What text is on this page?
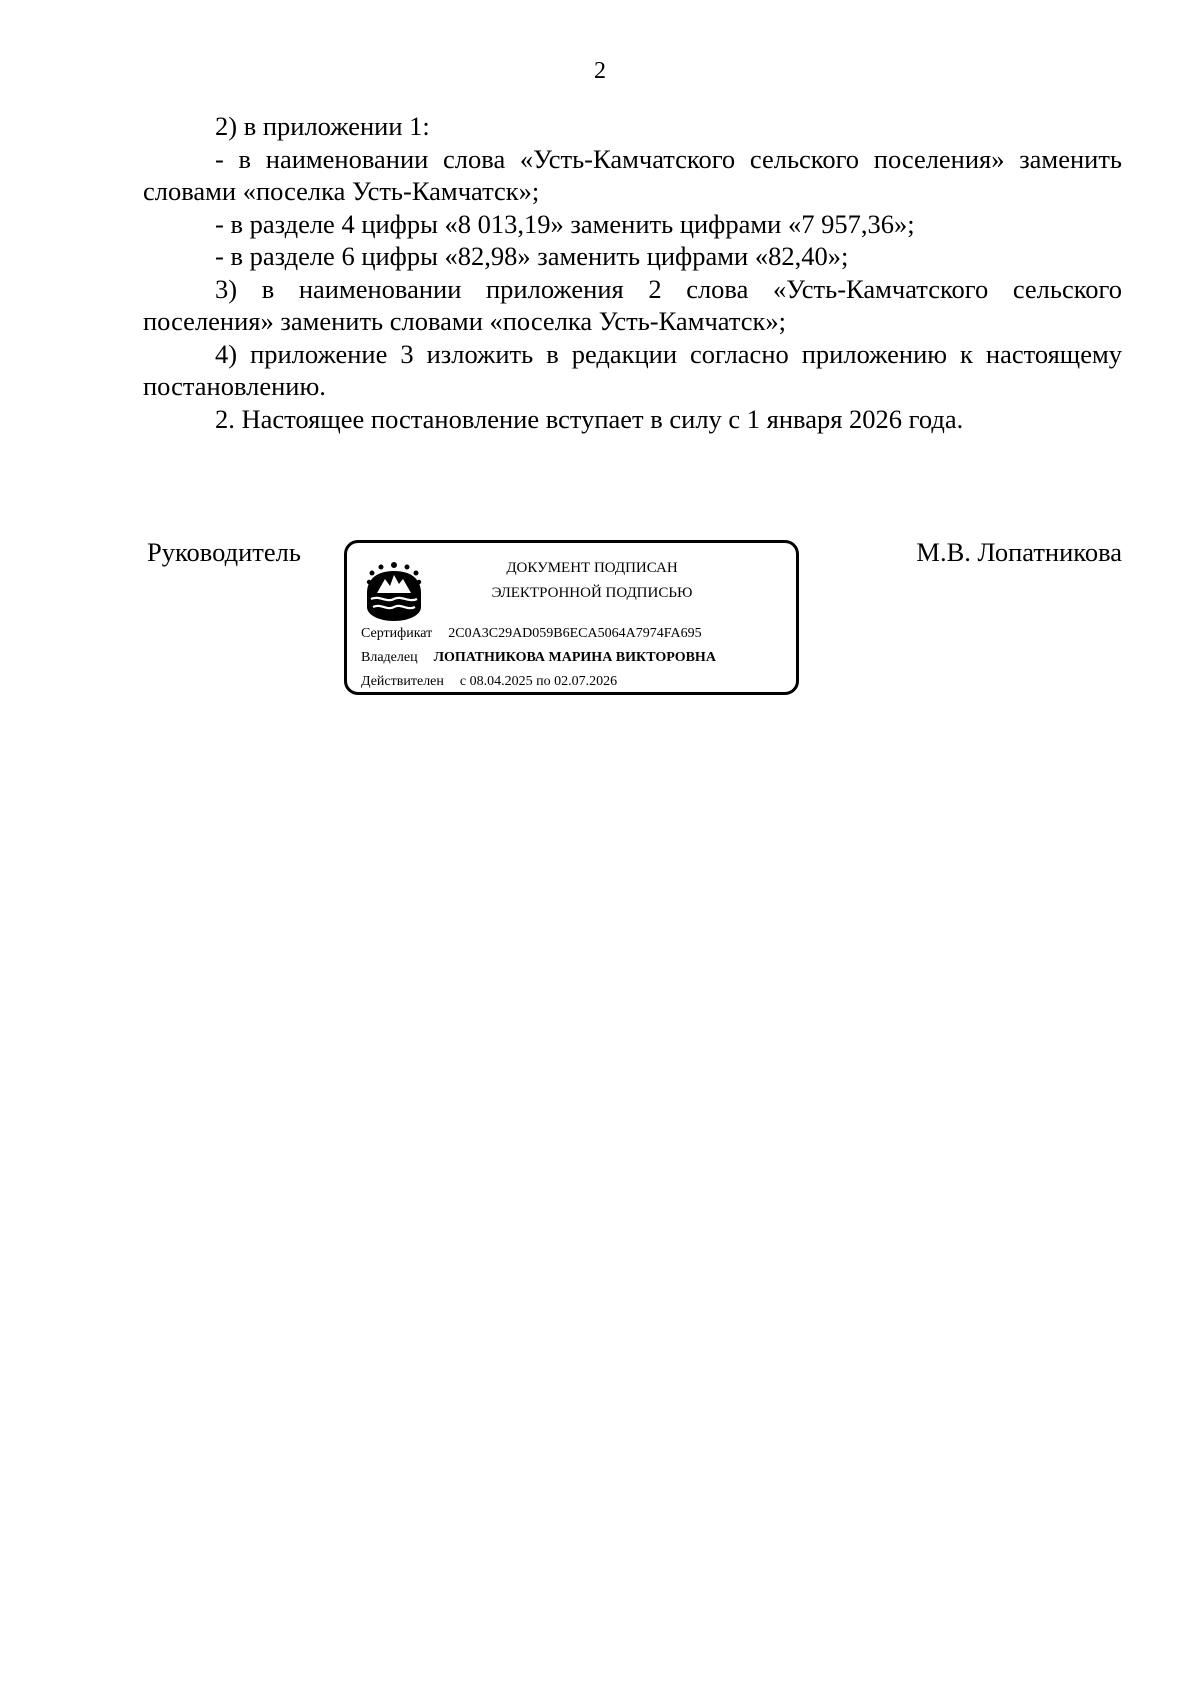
2

2) в приложении 1:

- в наименовании слова «Усть-Камчатского сельского поселения» заменить словами «поселка Усть-Камчатск»;

- в разделе 4 цифры «8 013,19» заменить цифрами «7 957,36»;

- в разделе 6 цифры «82,98» заменить цифрами «82,40»;

3) в наименовании приложения 2 слова «Усть-Камчатского сельского поселения» заменить словами «поселка Усть-Камчатск»;

4) приложение 3 изложить в редакции согласно приложению к настоящему постановлению.

2. Настоящее постановление вступает в силу с 1 января 2026 года.

Руководитель
ДОКУМЕНТ ПОДПИСАН
ЭЛЕКТРОННОЙ ПОДПИСЬЮ
Сертификат 2C0A3C29AD059B6ECA5064A7974FA695
Владелец ЛОПАТНИКОВА МАРИНА ВИКТОРОВНА
Действителен с 08.04.2025 по 02.07.2026
М.В. Лопатникова
